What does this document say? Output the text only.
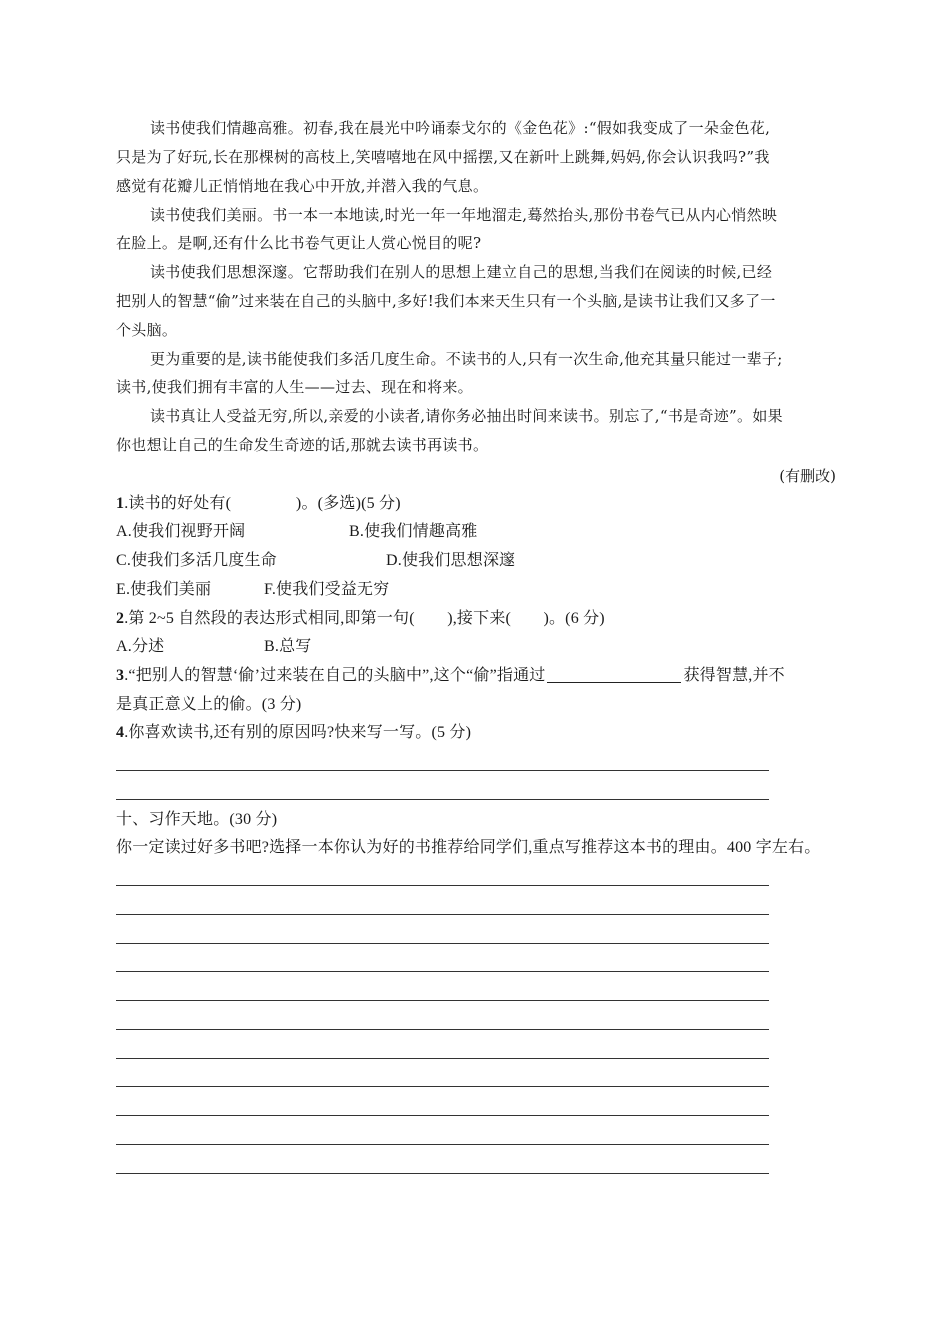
读书使我们情趣高雅。初春,我在晨光中吟诵泰戈尔的《金色花》:“假如我变成了一朵金色花,
只是为了好玩,长在那棵树的高枝上,笑嘻嘻地在风中摇摆,又在新叶上跳舞,妈妈,你会认识我吗?”我
感觉有花瓣儿正悄悄地在我心中开放,并潜入我的气息。
读书使我们美丽。书一本一本地读,时光一年一年地溜走,蓦然抬头,那份书卷气已从内心悄然映
在脸上。是啊,还有什么比书卷气更让人赏心悦目的呢?
读书使我们思想深邃。它帮助我们在别人的思想上建立自己的思想,当我们在阅读的时候,已经
把别人的智慧“偷”过来装在自己的头脑中,多好!我们本来天生只有一个头脑,是读书让我们又多了一
个头脑。
更为重要的是,读书能使我们多活几度生命。不读书的人,只有一次生命,他充其量只能过一辈子;
读书,使我们拥有丰富的人生——过去、现在和将来。
读书真让人受益无穷,所以,亲爱的小读者,请你务必抽出时间来读书。别忘了,“书是奇迹”。如果
你也想让自己的生命发生奇迹的话,那就去读书再读书。
(有删改)
1.读书的好处有(　　　　)。(多选)(5 分)
A.使我们视野开阔	B.使我们情趣高雅
C.使我们多活几度生命	D.使我们思想深邃
E.使我们美丽	F.使我们受益无穷
2.第 2~5 自然段的表达形式相同,即第一句(　　),接下来(　　)。(6 分)
A.分述	B.总写
3.“把别人的智慧‘偷’过来装在自己的头脑中”,这个“偷”指通过	获得智慧,并不
是真正意义上的偷。(3 分)
4.你喜欢读书,还有别的原因吗?快来写一写。(5 分)
十、习作天地。(30 分)
你一定读过好多书吧?选择一本你认为好的书推荐给同学们,重点写推荐这本书的理由。400 字左右。
